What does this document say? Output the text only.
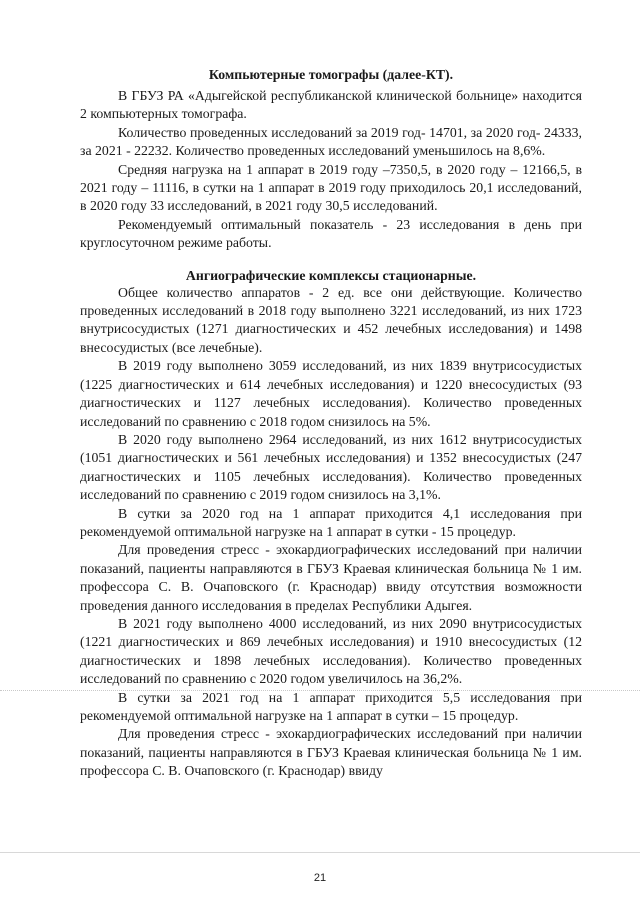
Компьютерные томографы (далее-КТ).

В ГБУЗ РА «Адыгейской республиканской клинической больнице» находится 2 компьютерных томографа.

Количество проведенных исследований за 2019 год- 14701, за 2020 год- 24333, за 2021 - 22232. Количество проведенных исследований уменьшилось на 8,6%.

Средняя нагрузка на 1 аппарат в 2019 году –7350,5, в 2020 году – 12166,5, в 2021 году – 11116, в сутки на 1 аппарат в 2019 году приходилось 20,1 исследований, в 2020 году 33 исследований, в 2021 году 30,5 исследований.

Рекомендуемый оптимальный показатель - 23 исследования в день при круглосуточном режиме работы.

Ангиографические комплексы стационарные.

Общее количество аппаратов - 2 ед. все они действующие. Количество проведенных исследований в 2018 году выполнено 3221 исследований, из них 1723 внутрисосудистых (1271 диагностических и 452 лечебных исследования) и 1498 внесосудистых (все лечебные).

В 2019 году выполнено 3059 исследований, из них 1839 внутрисосудистых (1225 диагностических и 614 лечебных исследования) и 1220 внесосудистых (93 диагностических и 1127 лечебных исследования). Количество проведенных исследований по сравнению с 2018 годом снизилось на 5%.

В 2020 году выполнено 2964 исследований, из них 1612 внутрисосудистых (1051 диагностических и 561 лечебных исследования) и 1352 внесосудистых (247 диагностических и 1105 лечебных исследования). Количество проведенных исследований по сравнению с 2019 годом снизилось на 3,1%.

В сутки за 2020 год на 1 аппарат приходится 4,1 исследования при рекомендуемой оптимальной нагрузке на 1 аппарат в сутки - 15 процедур.

Для проведения стресс - эхокардиографических исследований при наличии показаний, пациенты направляются в ГБУЗ Краевая клиническая больница № 1 им. профессора С. В. Очаповского (г. Краснодар) ввиду отсутствия возможности проведения данного исследования в пределах Республики Адыгея.

В 2021 году выполнено 4000 исследований, из них 2090 внутрисосудистых (1221 диагностических и 869 лечебных исследования) и 1910 внесосудистых (12 диагностических и 1898 лечебных исследования). Количество проведенных исследований по сравнению с 2020 годом увеличилось на 36,2%.

В сутки за 2021 год на 1 аппарат приходится 5,5 исследования при рекомендуемой оптимальной нагрузке на 1 аппарат в сутки – 15 процедур.

Для проведения стресс - эхокардиографических исследований при наличии показаний, пациенты направляются в ГБУЗ Краевая клиническая больница № 1 им. профессора С. В. Очаповского (г. Краснодар) ввиду

21
